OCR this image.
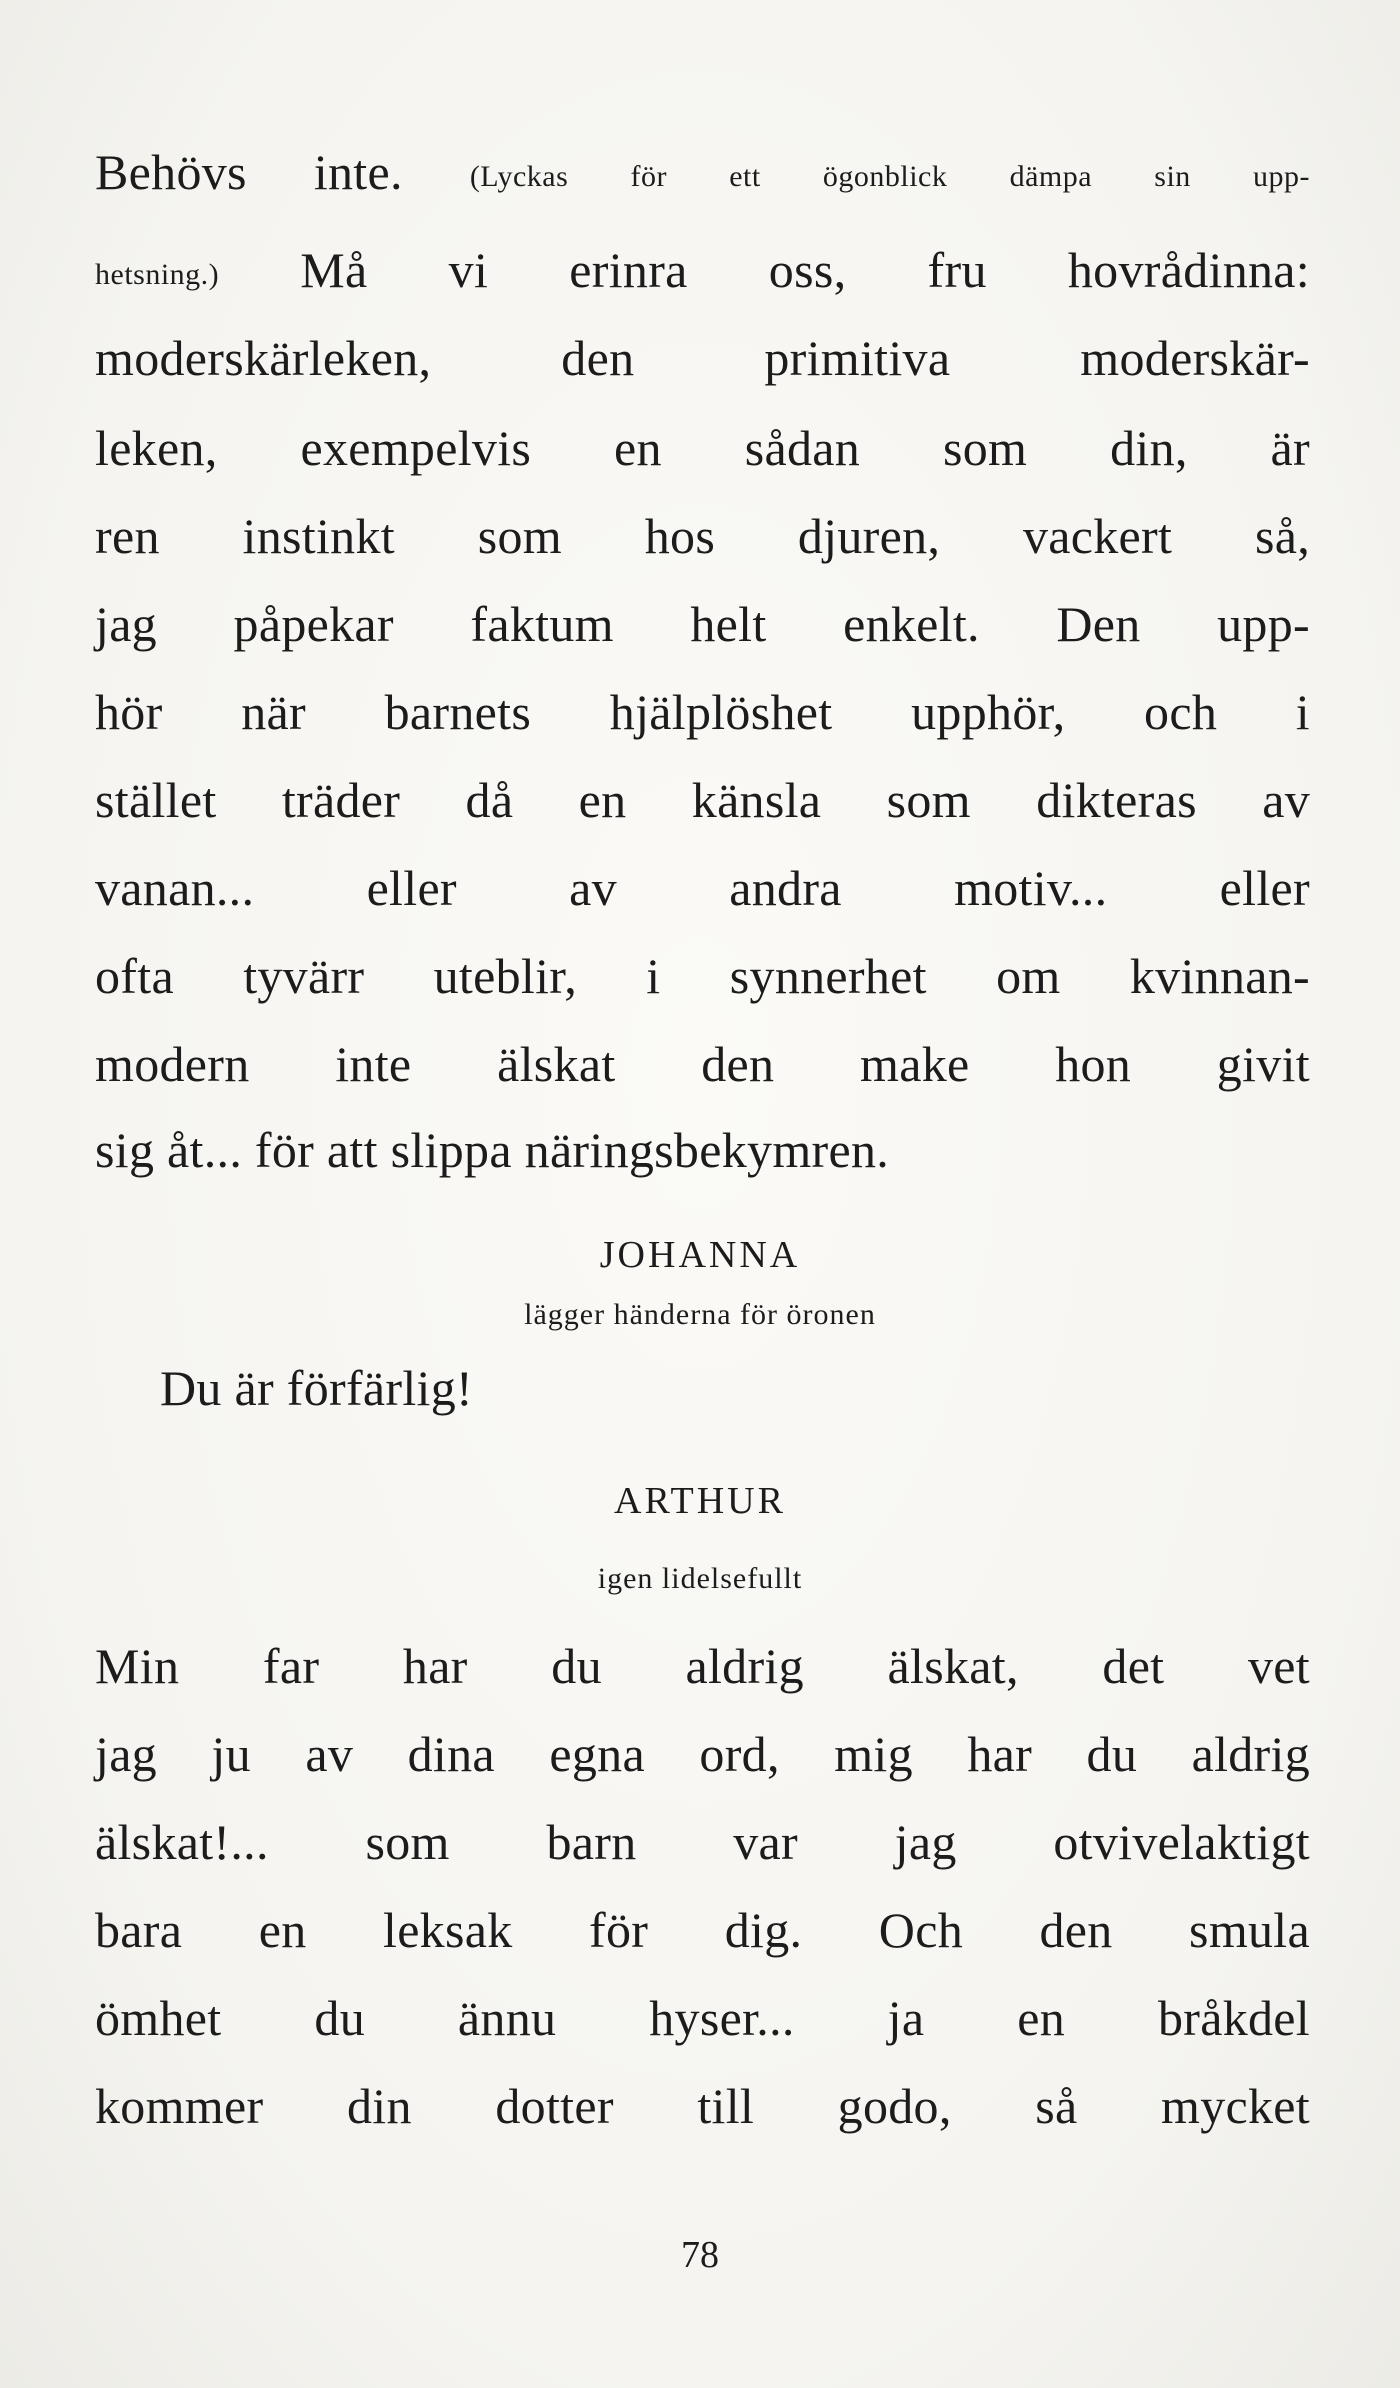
Behövs inte. (Lyckas för ett ögonblick dämpa sin upp-
hetsning.) Må vi erinra oss, fru hovrådinna:
moderskärleken, den primitiva moderskär-
leken, exempelvis en sådan som din, är
ren instinkt som hos djuren, vackert så,
jag påpekar faktum helt enkelt. Den upp-
hör när barnets hjälplöshet upphör, och i
stället träder då en känsla som dikteras av
vanan... eller av andra motiv... eller
ofta tyvärr uteblir, i synnerhet om kvinnan-
modern inte älskat den make hon givit
sig åt... för att slippa näringsbekymren.
JOHANNA
lägger händerna för öronen
Du är förfärlig!
ARTHUR
igen lidelsefullt
Min far har du aldrig älskat, det vet
jag ju av dina egna ord, mig har du aldrig
älskat!... som barn var jag otvivelaktigt
bara en leksak för dig. Och den smula
ömhet du ännu hyser... ja en bråkdel
kommer din dotter till godo, så mycket
78
